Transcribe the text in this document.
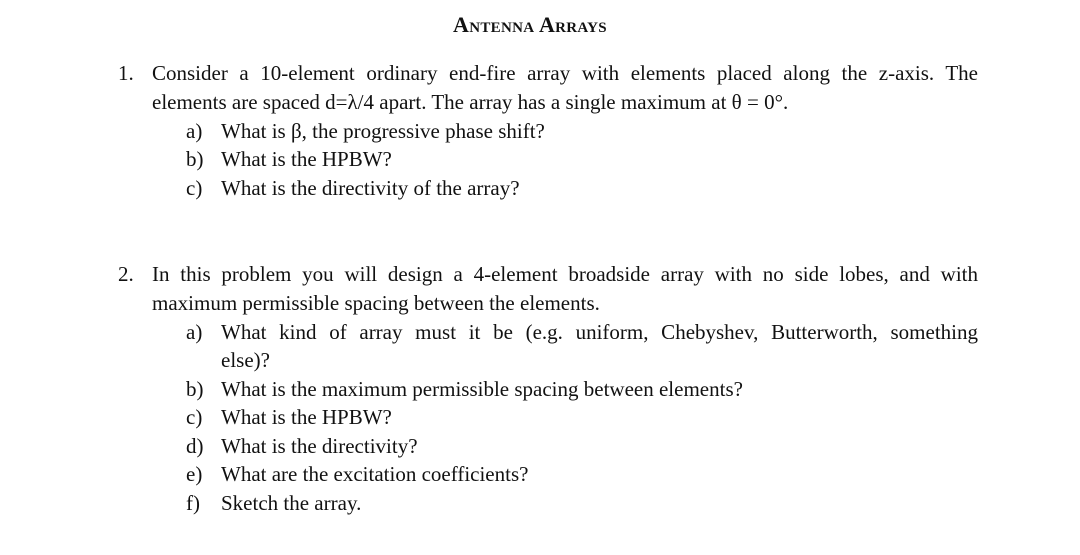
Antenna Arrays
1. Consider a 10-element ordinary end-fire array with elements placed along the z-axis. The
elements are spaced d=λ/4 apart. The array has a single maximum at θ = 0°.
a) What is β, the progressive phase shift?
b) What is the HPBW?
c) What is the directivity of the array?
2. In this problem you will design a 4-element broadside array with no side lobes, and with
maximum permissible spacing between the elements.
a) What kind of array must it be (e.g. uniform, Chebyshev, Butterworth, something
else)?
b) What is the maximum permissible spacing between elements?
c) What is the HPBW?
d) What is the directivity?
e) What are the excitation coefficients?
f) Sketch the array.
